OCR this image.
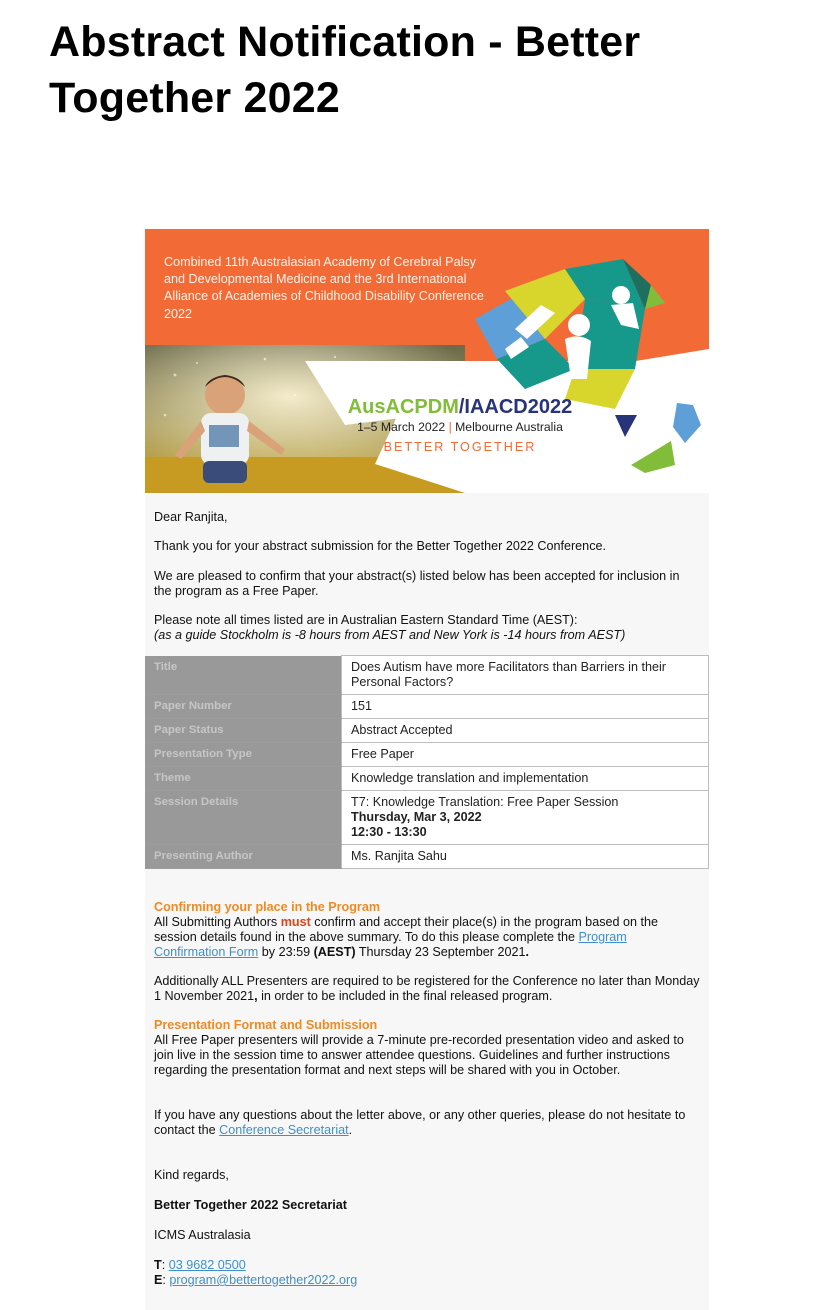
Abstract Notification - Better Together 2022
Combined 11th Australasian Academy of Cerebral Palsy and Developmental Medicine and the 3rd International Alliance of Academies of Childhood Disability Conference 2022
AusACPDM/IAACD2022
1–5 March 2022 | Melbourne Australia
BETTER TOGETHER
Dear Ranjita,
Thank you for your abstract submission for the Better Together 2022 Conference.
We are pleased to confirm that your abstract(s) listed below has been accepted for inclusion in the program as a Free Paper.
Please note all times listed are in Australian Eastern Standard Time (AEST):
(as a guide Stockholm is -8 hours from AEST and New York is -14 hours from AEST)
Title	Does Autism have more Facilitators than Barriers in their Personal Factors?
Paper Number	151
Paper Status	Abstract Accepted
Presentation Type	Free Paper
Theme	Knowledge translation and implementation
Session Details	T7: Knowledge Translation: Free Paper Session
Thursday, Mar 3, 2022
12:30 - 13:30

Presenting Author	Ms. Ranjita Sahu
Confirming your place in the Program
All Submitting Authors must confirm and accept their place(s) in the program based on the session details found in the above summary. To do this please complete the Program Confirmation Form by 23:59 (AEST) Thursday 23 September 2021.
Additionally ALL Presenters are required to be registered for the Conference no later than Monday 1 November 2021, in order to be included in the final released program.
Presentation Format and Submission
All Free Paper presenters will provide a 7-minute pre-recorded presentation video and asked to join live in the session time to answer attendee questions. Guidelines and further instructions regarding the presentation format and next steps will be shared with you in October.
If you have any questions about the letter above, or any other queries, please do not hesitate to contact the Conference Secretariat.
Kind regards,
Better Together 2022 Secretariat
ICMS Australasia
T: 03 9682 0500
E: program@bettertogether2022.org
